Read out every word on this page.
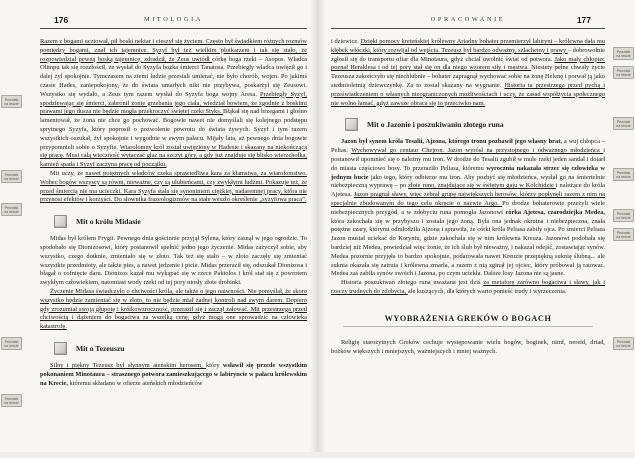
176	MITOLOGIA

Razem z bogami ucztował, pił boski nektar i cieszył się życiem. Często był świadkiem różnych rozmów pomiędzy bogami, znał ich tajemnice. Syzyf był też wielkim plotkarzem i tak się stało, że rozpowiedział pewną boską tajemnicę, zdradził, że Zeus uwiódł córkę boga rzeki – Asopos. Władca Olimpu tak się rozzłościł, że wysłał do Syzyfa bożka śmierci Tanatosa. Przebiegły władca uwięził go i dalej żył spokojnie. Tymczasem na ziemi ludzie przestali umierać, nie było chorób, wojen. Po jakimś czasie Hades, zaniepokojony, że do świata umarłych nikt nie przybywa, poskarżył się Zeusowi. Wszystko się wydało, a Zeus tym razem wysłał do Syzyfa boga wojny Aresa. Przebiegły Syzyf, spodziewając się śmierci, zabronił żonie grzebania jego ciała, wiedział bowiem, że zgodnie z boskimi prawami jego dusza nie będzie mogła przekroczyć świętej rzeki Styks. Błąkał się nad brzegami i głośno lamentował, że żona nie chce go pochować. Bogowie nawet nie domyślali się kolejnego podstępu sprytnego Syzyfa, który poprosił o pozwolenie powrotu do świata żywych. Syzyf i tym razem wszystkich oszukał, żył spokojnie i wygodnie w swym pałacu. Mijały lata, aż pewnego dnia bogowie przypomnieli sobie o Syzyfie. Wiarołomny król został uwięziony w Hadesie i skazany na niekończącą się pracę. Musi całą wieczność wytaczać głaz na szczyt góry, a gdy już znajduje się blisko wierzchołka, kamień spada i Syzyf zaczyna pracę od początku.

Mit uczy, że nawet potężnych władców czeka sprawiedliwa kara za kłamstwa, za wiarołomstwo. Wobec bogów wszyscy są równi, nieważne, czy są ulubieńcami, czy zwykłymi ludźmi. Pokazuje też, że przed śmiercią nie ma ucieczki. Kara Syzyfa stała się synonimem ciężkiej, nadaremnej pracy, która nie przynosi efektów i korzyści. Do słownika frazeologizmów na stałe weszło określenie „syzyfowa praca”.

Mit o królu Midasie

Midas był królem Frygii. Pewnego dnia gościnnie przyjął Sylena, który zasnął w jego ogrodzie. To spodobało się Dionizosowi, który postanowił spełnić jedno jego życzenie. Midas zażyczył sobie, aby wszystko, czego dotknie, zmieniało się w złoto. Tak też się stało – w złoto zaczęły się zmieniać wszystkie przedmioty, ale także pies, a nawet jedzenie i picie. Midas przeraził się, odszukał Dionizosa i błagał o cofnięcie daru. Dionizos kazał mu wykąpać się w rzece Paktolos i król stał się z powrotem zwykłym człowiekiem, natomiast wody rzeki od tej pory niosły złote drobinki.

Życzenie Midasa świadczyło o chciwości króla, ale także o jego naiwności. Nie pomyślał, że skoro wszystko będzie zamieniać się w złoto, to nie będzie miał żadnej kontroli nad swym darem. Dopiero gdy zrozumiał swoją głupotę i krótkowzroczność, przeraził się i zaczął żałować. Mit przestrzega przed chciwością i dążeniem do bogactwa za wszelką cenę, gdyż mogą one sprowadzić na człowieka katastrofę.

Mit o Tezeuszu

Silny i piękny Tezeusz był słynnym ateńskim herosem, który wsławił się przede wszystkim pokonaniem Minotaura – strasznego potwora zamieszkującego w labiryncie w pałacu królewskim na Krecie, któremu składano w ofierze ateńskich młodzieńców

Pewniak
na teście
Pewniak
na teście
Pewniak
na teście
Pewniak
na teście
Pewniak
na teście
OPRACOWANIE	177

i dziewice. Dzięki pomocy kreteńskiej królewny Ariadny bohater przemierzył labirynt – królewna dała mu kłębek włóczki, który rozwijał od wejścia. Tezeusz był bardzo odważny, szlachetny i prawy – dobrowolnie zgłosił się do transportu ofiar dla Minotaura, gdyż chciał uwolnić świat od potwora. Jako mały chłopiec poznał Heraklesa i od tej pory stał się on dla niego wzorem siły i męstwa. Niestety pełne chwały życie Tezeusza zakończyło się niechlubnie – bohater zapragnął wychować sobie na żonę Helenę i porwał ją jako siedmioletnią dziewczynkę. Za to został skazany na wygnanie. Historia ta przestrzega przed pychą i przeświadczeniem o własnych nieograniczonych możliwościach i uczy, że zasad współżycia społecznego nie wolno łamać, gdyż zawsze obraca się to przeciwko nam.

Mit o Jazonie i poszukiwaniu złotego runa

Jazon był synem króla Tesalii, Ajzona, którego tronu pozbawił jego własny brat, a wuj chłopca – Pelias. Wychowywał go centaur Chejron. Jazon wyrósł na przystojnego i odważnego młodzieńca i postanowił upomnieć się o należny mu tron. W drodze do Tesalii zgubił w mule rzeki jeden sandał i dotarł do miasta częściowo bosy. To przeraziło Peliasa, któremu wyrocznia nakazała strzec się człowieka w jednym bucie jako tego, który odbierze mu tron. Aby pozbyć się młodzieńca, wysłał go na śmiertelnie niebezpieczną wyprawę – po złote runo, znajdujące się w świętym gaju w Kolchidzie i należące do króla Ajetesa. Jazon pragnął sławy, więc zebrał grupę największych herosów, którzy popłynęli razem z nim na specjalnie zbudowanym do tego celu okręcie o nazwie Argo. Po drodze bohaterowie przeżyli wiele niebezpiecznych przygód, a w zdobyciu runa pomogła Jazonowi córka Ajetesa, czarodziejka Medea, która zakochała się w przybyszu i została jego żoną. Była ona jednak okrutna i niebezpieczna, znała potężne czary, którymi odmłodziła Ajzona i sprawiła, że córki króla Peliasa zabiły ojca. Po śmierci Peliasa Jazon musiał uciekać do Koryntu, gdzie zakochała się w nim królewna Kreuza. Jazonowi podobała się bardziej niż Medea, powiedział więc żonie, że ich ślub był nieważny, i nakazał odejść, zostawiając synów. Medea pozornie przyjęła to bardzo spokojnie, podarowała nawet Kreuzie przepiękną suknię ślubną... ale suknia okazała się zatruta i królewna zmarła, a razem z nią zginął jej ojciec, który próbował ją ratować. Medea zaś zabiła synów swoich i Jazona, po czym uciekła. Dalsze losy Jazona nie są jasne.

Historia poszukiwań złotego runa uważana jest dziś za metaforę zarówno bogactwa i sławy, jak i rzeczy trudnych do zdobycia, ale kuszących, dla których warto ponieść trudy i wyrzeczenia.

WYOBRAŻENIA GREKÓW O BOGACH

Religię starożytnych Greków cechuje występowanie wielu bogów, boginek, nimf, nereid, driad, bożków większych i mniejszych, ważniejszych i mniej ważnych.

Pewniak
na teście
Pewniak
na teście
Pewniak
na teście
Pewniak
na teście
Pewniak
na teście
Pewniak
na teście
Pewniak
na teście
